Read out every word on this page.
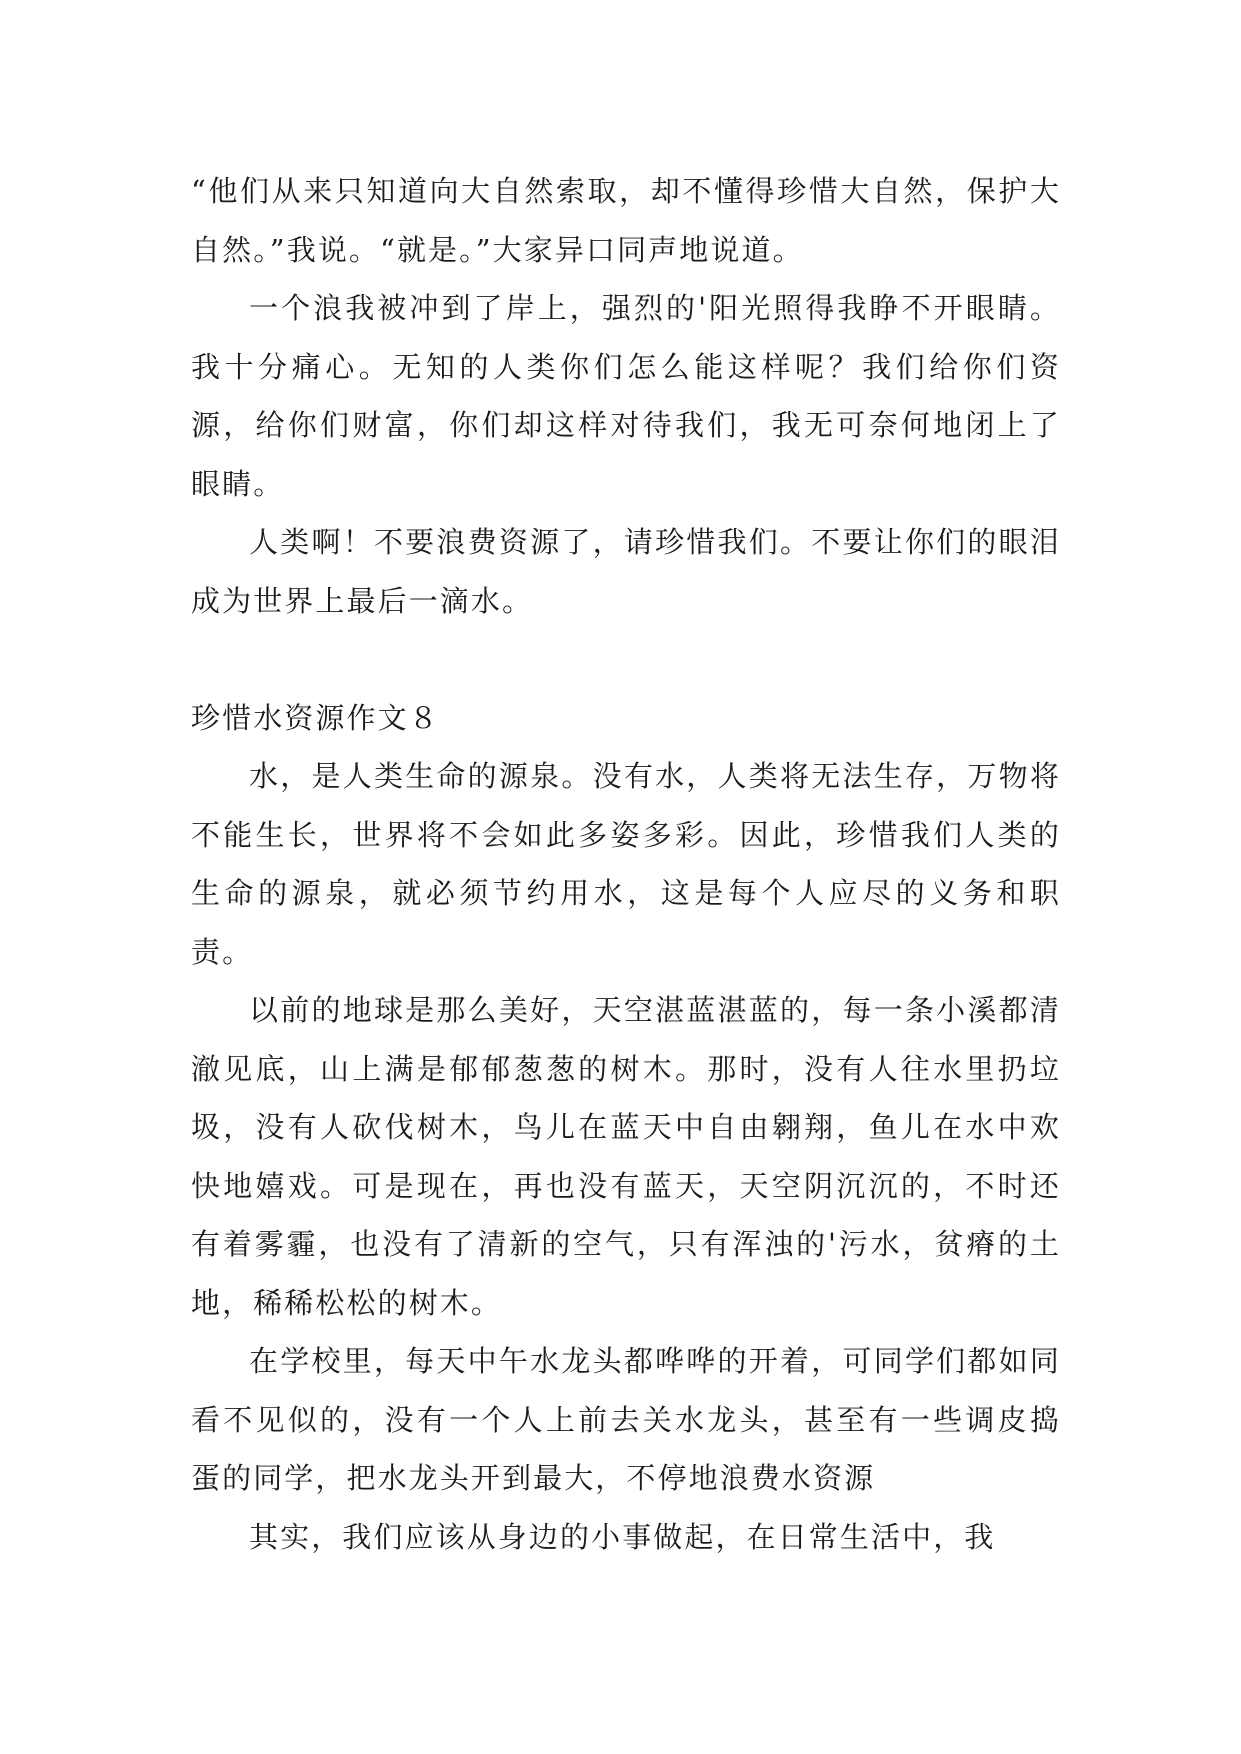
“他们从来只知道向大自然索取，却不懂得珍惜大自然，保护大自然。”我说。“就是。”大家异口同声地说道。

一个浪我被冲到了岸上，强烈的'阳光照得我睁不开眼睛。我十分痛心。无知的人类你们怎么能这样呢？我们给你们资源，给你们财富，你们却这样对待我们，我无可奈何地闭上了眼睛。

人类啊！不要浪费资源了，请珍惜我们。不要让你们的眼泪成为世界上最后一滴水。

珍惜水资源作文８

水，是人类生命的源泉。没有水，人类将无法生存，万物将不能生长，世界将不会如此多姿多彩。因此，珍惜我们人类的生命的源泉，就必须节约用水，这是每个人应尽的义务和职责。

以前的地球是那么美好，天空湛蓝湛蓝的，每一条小溪都清澈见底，山上满是郁郁葱葱的树木。那时，没有人往水里扔垃圾，没有人砍伐树木，鸟儿在蓝天中自由翱翔，鱼儿在水中欢快地嬉戏。可是现在，再也没有蓝天，天空阴沉沉的，不时还有着雾霾，也没有了清新的空气，只有浑浊的'污水，贫瘠的土地，稀稀松松的树木。

在学校里，每天中午水龙头都哗哗的开着，可同学们都如同看不见似的，没有一个人上前去关水龙头，甚至有一些调皮捣蛋的同学，把水龙头开到最大，不停地浪费水资源

其实，我们应该从身边的小事做起，在日常生活中，我
